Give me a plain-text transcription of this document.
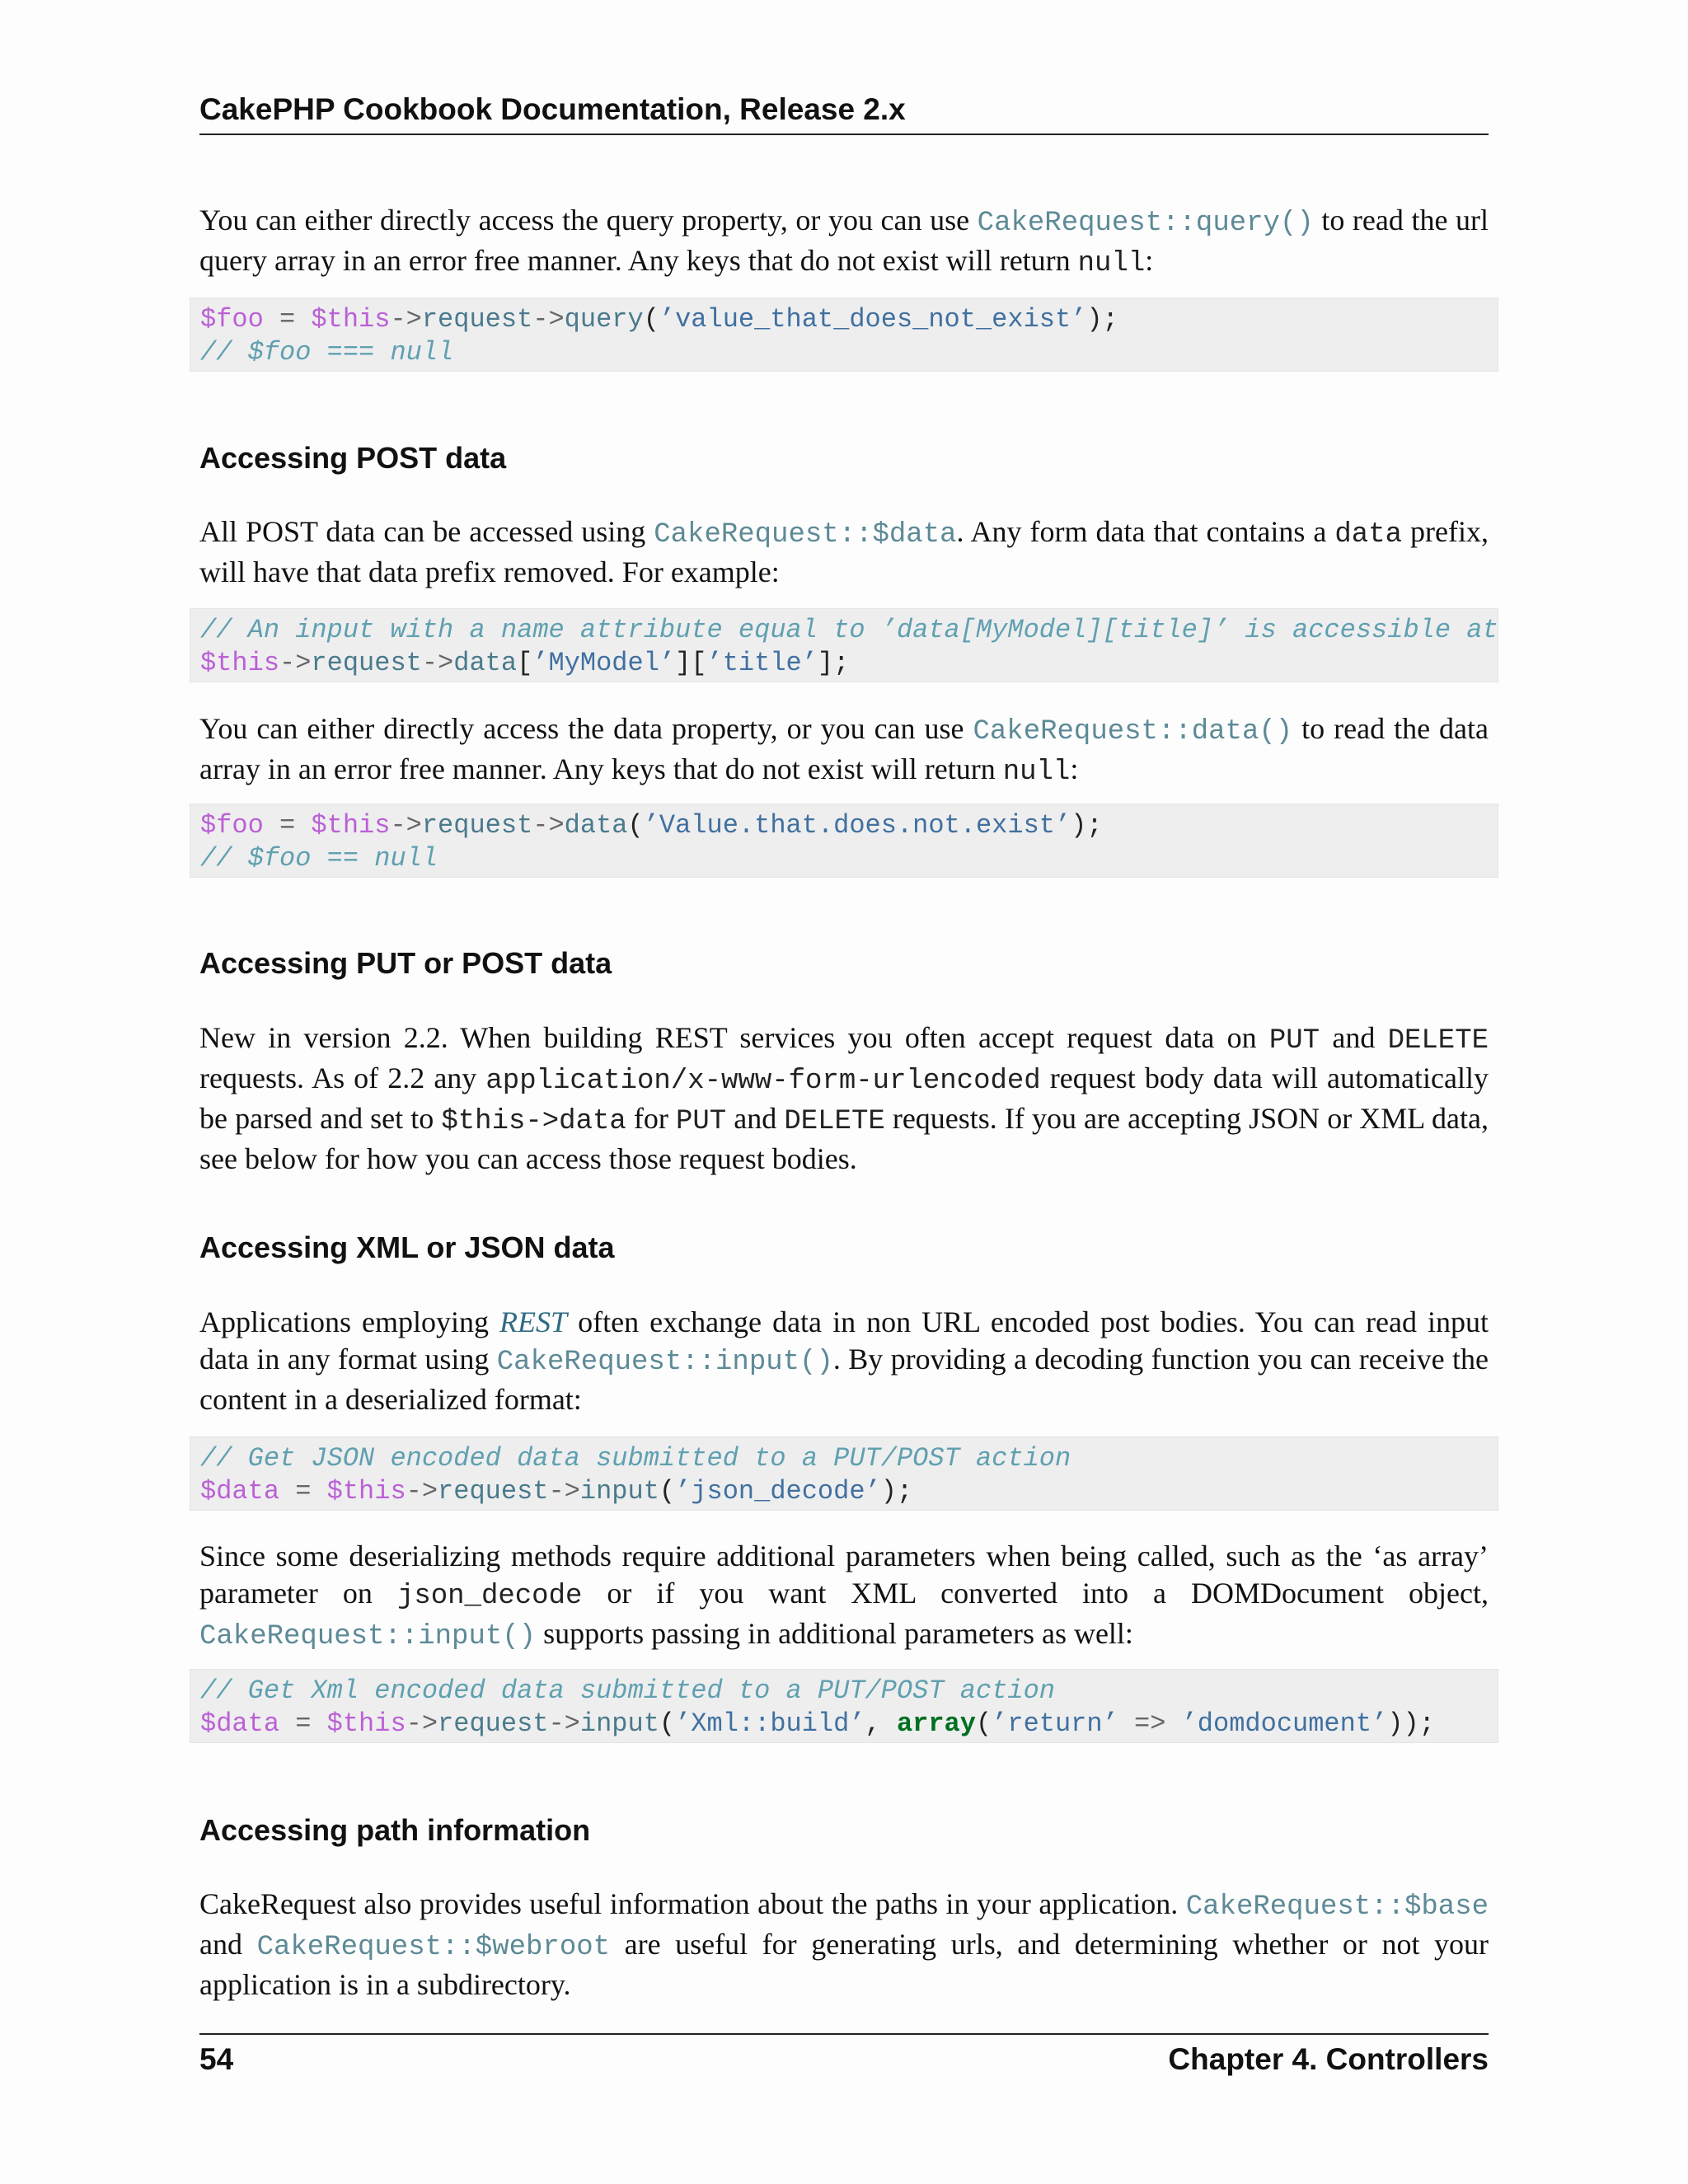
CakePHP Cookbook Documentation, Release 2.x

You can either directly access the query property, or you can use CakeRequest::query() to read the url query array in an error free manner. Any keys that do not exist will return null:

$foo = $this->request->query(’value_that_does_not_exist’);
// $foo === null
Accessing POST data

All POST data can be accessed using CakeRequest::$data. Any form data that contains a data prefix, will have that data prefix removed. For example:

// An input with a name attribute equal to ’data[MyModel][title]’ is accessible at
$this->request->data[’MyModel’][’title’];

You can either directly access the data property, or you can use CakeRequest::data() to read the data array in an error free manner. Any keys that do not exist will return null:

$foo = $this->request->data(’Value.that.does.not.exist’);
// $foo == null
Accessing PUT or POST data

New in version 2.2. When building REST services you often accept request data on PUT and DELETE requests. As of 2.2 any application/x-www-form-urlencoded request body data will automatically be parsed and set to $this->data for PUT and DELETE requests. If you are accepting JSON or XML data, see below for how you can access those request bodies.

Accessing XML or JSON data

Applications employing REST often exchange data in non URL encoded post bodies. You can read input data in any format using CakeRequest::input(). By providing a decoding function you can receive the content in a deserialized format:

// Get JSON encoded data submitted to a PUT/POST action
$data = $this->request->input(’json_decode’);

Since some deserializing methods require additional parameters when being called, such as the ‘as array’ parameter on json_decode or if you want XML converted into a DOMDocument object, CakeRequest::input() supports passing in additional parameters as well:

// Get Xml encoded data submitted to a PUT/POST action
$data = $this->request->input(’Xml::build’, array(’return’ => ’domdocument’));
Accessing path information

CakeRequest also provides useful information about the paths in your application. CakeRequest::$base and CakeRequest::$webroot are useful for generating urls, and determining whether or not your application is in a subdirectory.

54	Chapter 4. Controllers
